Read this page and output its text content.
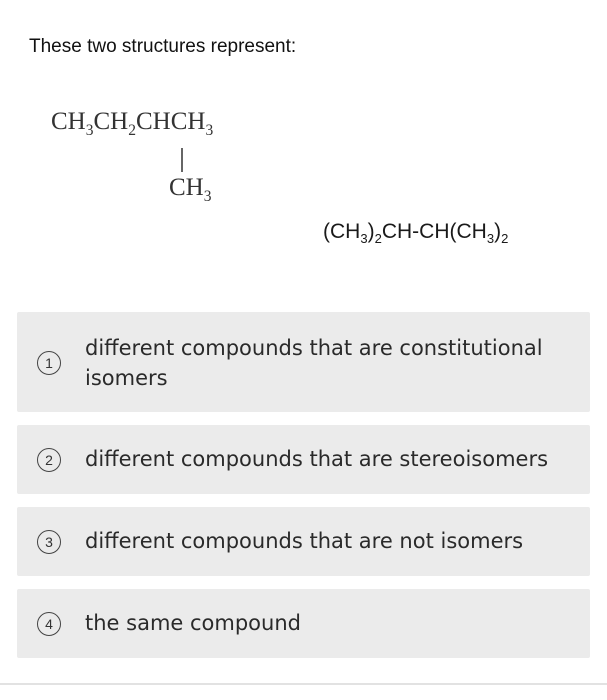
These two structures represent:
$CH_3CH_2CHCH_3$
$CH_3$
$(CH_3)_2CH-CH(CH_3)_2$
1
different compounds that are constitutional isomers
2	different compounds that are stereoisomers
3	different compounds that are not isomers
4	the same compound
